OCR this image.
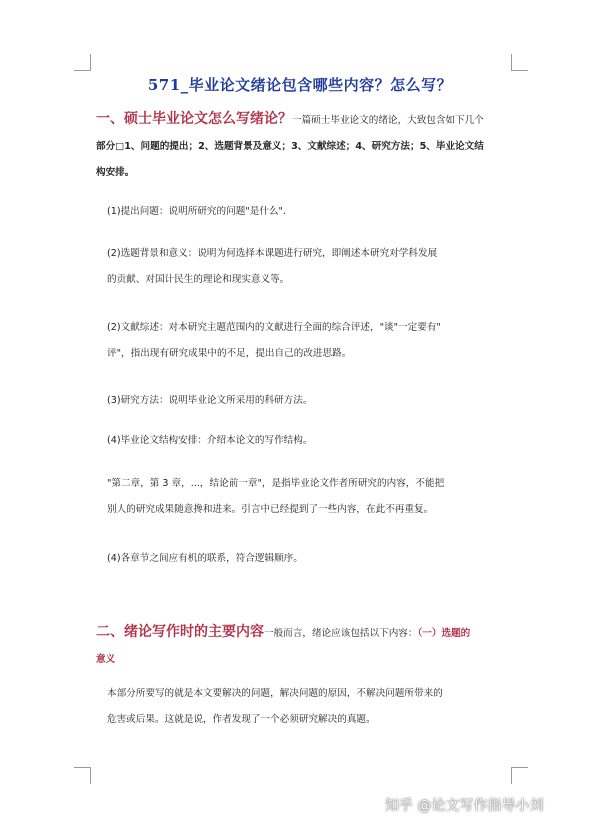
571_毕业论文绪论包含哪些内容？怎么写？
一、硕士毕业论文怎么写绪论？一篇硕士毕业论文的绪论，大致包含如下几个
部分□1、问题的提出；2、选题背景及意义；3、文献综述；4、研究方法；5、毕业论文结
构安排。
(1)提出问题：说明所研究的问题"是什么".
(2)选题背景和意义：说明为何选择本课题进行研究，即阐述本研究对学科发展
的贡献、对国计民生的理论和现实意义等。
(2)文献综述：对本研究主题范围内的文献进行全面的综合评述，"谈"一定要有"
评"，指出现有研究成果中的不足，提出自己的改进思路。
(3)研究方法：说明毕业论文所采用的科研方法。
(4)毕业论文结构安排：介绍本论文的写作结构。
"第二章，第 3 章，...，结论前一章"，是指毕业论文作者所研究的内容，不能把
别人的研究成果随意搀和进来。引言中已经提到了一些内容，在此不再重复。
(4)各章节之间应有机的联系，符合逻辑顺序。
二、绪论写作时的主要内容一般而言，绪论应该包括以下内容：（一）选题的
意义
本部分所要写的就是本文要解决的问题，解决问题的原因，不解决问题所带来的
危害或后果。这就是说，作者发现了一个必须研究解决的真题。
知乎 @论文写作指导小刘
